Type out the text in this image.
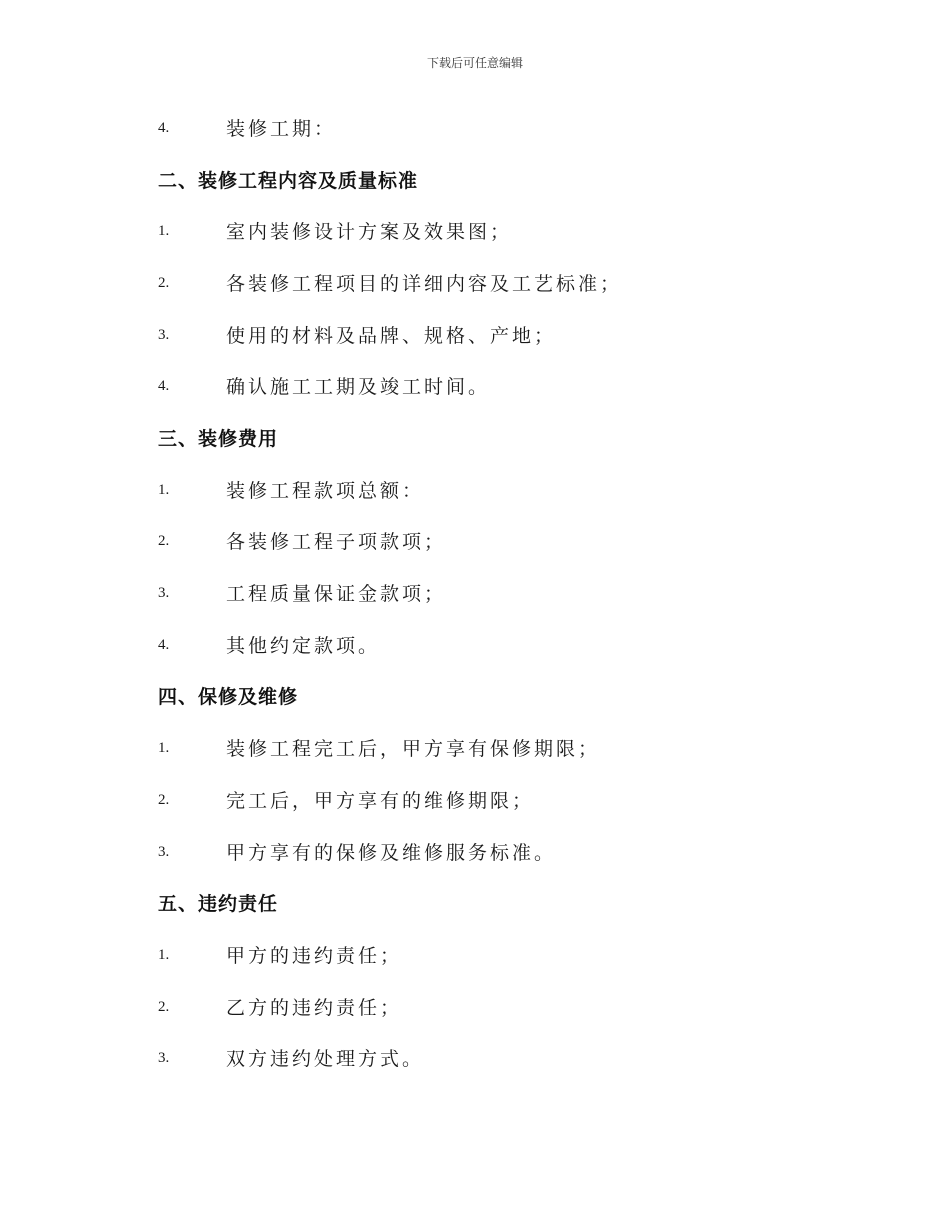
下载后可任意编辑
4.	装修工期：
二、装修工程内容及质量标准
1.	室内装修设计方案及效果图；
2.	各装修工程项目的详细内容及工艺标准；
3.	使用的材料及品牌、规格、产地；
4.	确认施工工期及竣工时间。
三、装修费用
1.	装修工程款项总额：
2.	各装修工程子项款项；
3.	工程质量保证金款项；
4.	其他约定款项。
四、保修及维修
1.	装修工程完工后，甲方享有保修期限；
2.	完工后，甲方享有的维修期限；
3.	甲方享有的保修及维修服务标准。
五、违约责任
1.	甲方的违约责任；
2.	乙方的违约责任；
3.	双方违约处理方式。
